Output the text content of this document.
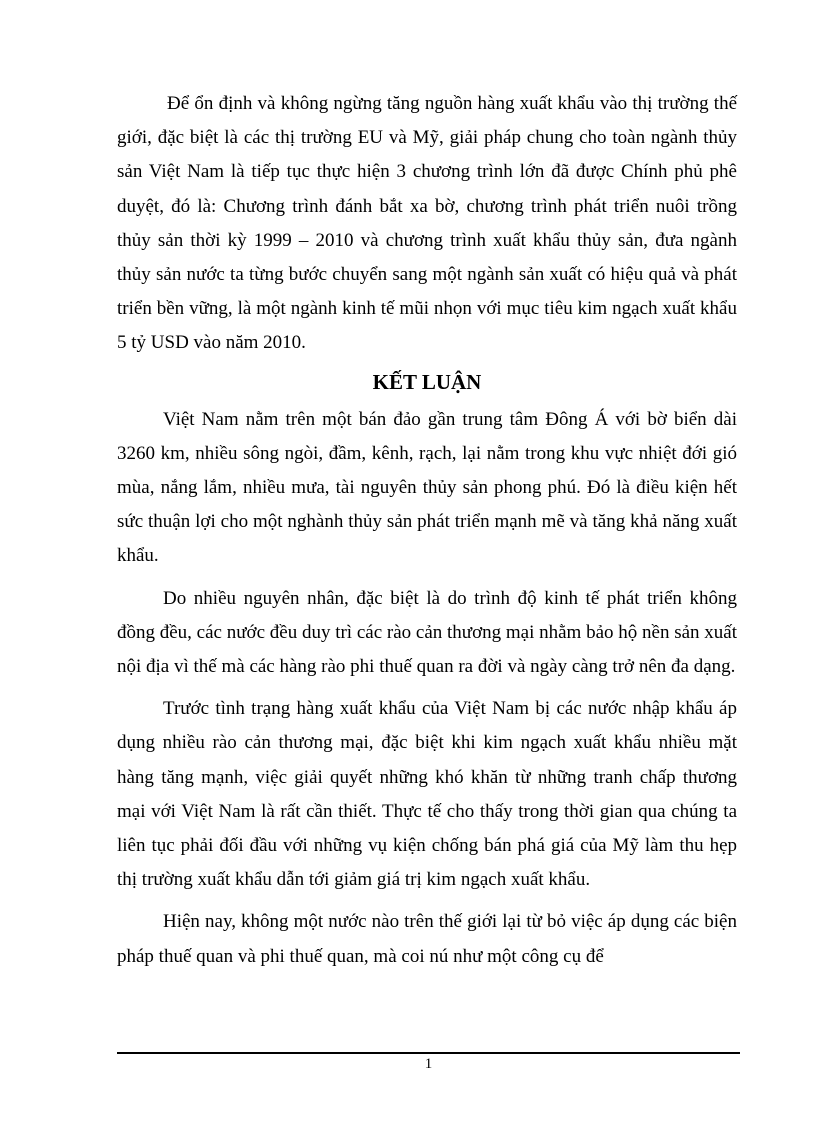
Để ổn định và không ngừng tăng nguồn hàng xuất khẩu vào thị trường thế giới, đặc biệt là các thị trường EU và Mỹ, giải pháp chung cho toàn ngành thủy sản Việt Nam là tiếp tục thực hiện 3 chương trình lớn đã được Chính phủ phê duyệt, đó là: Chương trình đánh bắt xa bờ, chương trình phát triển nuôi trồng thủy sản thời kỳ 1999 – 2010 và chương trình xuất khẩu thủy sản, đưa ngành thủy sản nước ta từng bước chuyển sang một ngành sản xuất có hiệu quả và phát triển bền vững, là một ngành kinh tế mũi nhọn với mục tiêu kim ngạch xuất khẩu 5 tỷ USD vào năm 2010.

KẾT LUẬN

Việt Nam nằm trên một bán đảo gần trung tâm Đông Á với bờ biển dài 3260 km, nhiều sông ngòi, đầm, kênh, rạch, lại nằm trong khu vực nhiệt đới gió mùa, nắng lắm, nhiều mưa, tài nguyên thủy sản phong phú. Đó là điều kiện hết sức thuận lợi cho một nghành thủy sản phát triển mạnh mẽ và tăng khả năng xuất khẩu.

Do nhiều nguyên nhân, đặc biệt là do trình độ kinh tế phát triển không đồng đều, các nước đều duy trì các rào cản thương mại nhằm bảo hộ nền sản xuất nội địa vì thế mà các hàng rào phi thuế quan ra đời và ngày càng trở nên đa dạng.

Trước tình trạng hàng xuất khẩu của Việt Nam bị các nước nhập khẩu áp dụng nhiều rào cản thương mại, đặc biệt khi kim ngạch xuất khẩu nhiều mặt hàng tăng mạnh, việc giải quyết những khó khăn từ những tranh chấp thương mại với Việt Nam là rất cần thiết. Thực tế cho thấy trong thời gian qua chúng ta liên tục phải đối đầu với những vụ kiện chống bán phá giá của Mỹ làm thu hẹp thị trường xuất khẩu dẫn tới giảm giá trị kim ngạch xuất khẩu.

Hiện nay, không một nước nào trên thế giới lại từ bỏ việc áp dụng các biện pháp thuế quan và phi thuế quan, mà coi nú như một công cụ để

1
